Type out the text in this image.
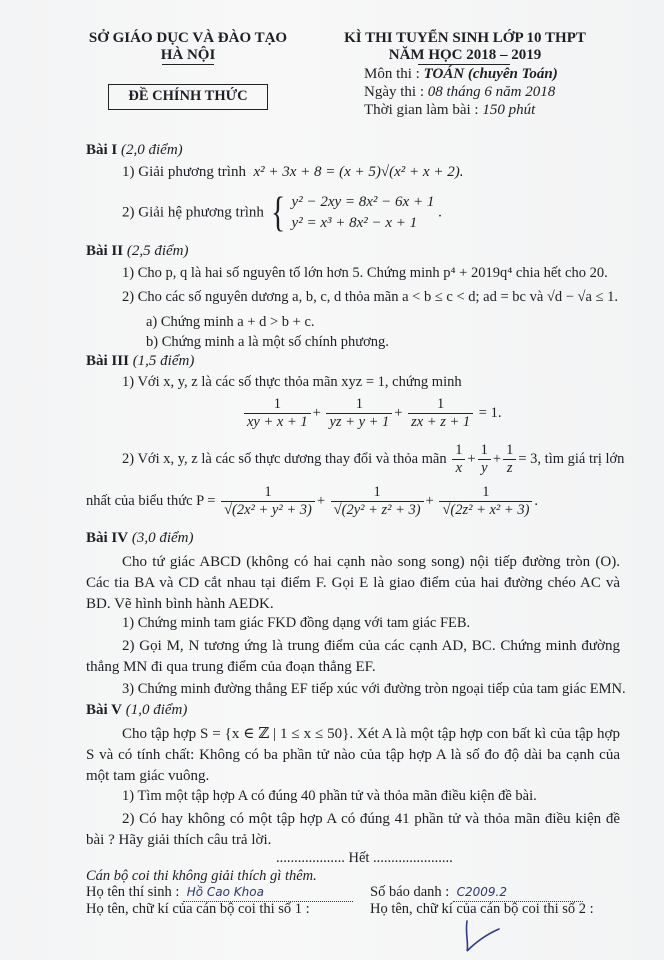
SỞ GIÁO DỤC VÀ ĐÀO TẠO
HÀ NỘI
ĐỀ CHÍNH THỨC
KÌ THI TUYỂN SINH LỚP 10 THPT
NĂM HỌC 2018 – 2019
Môn thi : TOÁN (chuyên Toán)
Ngày thi : 08 tháng 6 năm 2018
Thời gian làm bài : 150 phút
Bài I (2,0 điểm)
1) Giải phương trình x² + 3x + 8 = (x + 5)√(x² + x + 2).
2) Giải hệ phương trình { y² − 2xy = 8x² − 6x + 1
y² = x³ + 8x² − x + 1
.
Bài II (2,5 điểm)
1) Cho p, q là hai số nguyên tố lớn hơn 5. Chứng minh p⁴ + 2019q⁴ chia hết cho 20.
2) Cho các số nguyên dương a, b, c, d thỏa mãn a < b ≤ c < d; ad = bc và √d − √a ≤ 1.
a) Chứng minh a + d > b + c.
b) Chứng minh a là một số chính phương.
Bài III (1,5 điểm)
1) Với x, y, z là các số thực thỏa mãn xyz = 1, chứng minh
$\frac{1}{xy + x + 1} + \frac{1}{yz + y + 1} + \frac{1}{zx + z + 1} = 1$.
2) Với x, y, z là các số thực dương thay đổi và thỏa mãn $\frac{1}{x} + \frac{1}{y} + \frac{1}{z} = 3$, tìm giá trị lớn
nhất của biểu thức $P = \frac{1}{\text{√(2x² + y² + 3)}} + \frac{1}{\text{√(2y² + z² + 3)}} + \frac{1}{\text{√(2z² + x² + 3)}}$ .
Bài IV (3,0 điểm)
Cho tứ giác ABCD (không có hai cạnh nào song song) nội tiếp đường tròn (O). Các tia BA và CD cắt nhau tại điểm F. Gọi E là giao điểm của hai đường chéo AC và BD. Vẽ hình bình hành AEDK.
1) Chứng minh tam giác FKD đồng dạng với tam giác FEB.
2) Gọi M, N tương ứng là trung điểm của các cạnh AD, BC. Chứng minh đường thẳng MN đi qua trung điểm của đoạn thẳng EF.
3) Chứng minh đường thẳng EF tiếp xúc với đường tròn ngoại tiếp của tam giác EMN.
Bài V (1,0 điểm)
Cho tập hợp S = {x ∈ ℤ | 1 ≤ x ≤ 50}. Xét A là một tập hợp con bất kì của tập hợp S và có tính chất: Không có ba phần tử nào của tập hợp A là số đo độ dài ba cạnh của một tam giác vuông.
1) Tìm một tập hợp A có đúng 40 phần tử và thỏa mãn điều kiện đề bài.
2) Có hay không có một tập hợp A có đúng 41 phần tử và thỏa mãn điều kiện đề bài ? Hãy giải thích câu trả lời.
................... Hết ......................
Cán bộ coi thi không giải thích gì thêm.
Họ tên thí sinh : Hồ Cao Khoa	Số báo danh : C2009.2
Họ tên, chữ kí của cán bộ coi thi số 1 :	Họ tên, chữ kí của cán bộ coi thi số 2 :
